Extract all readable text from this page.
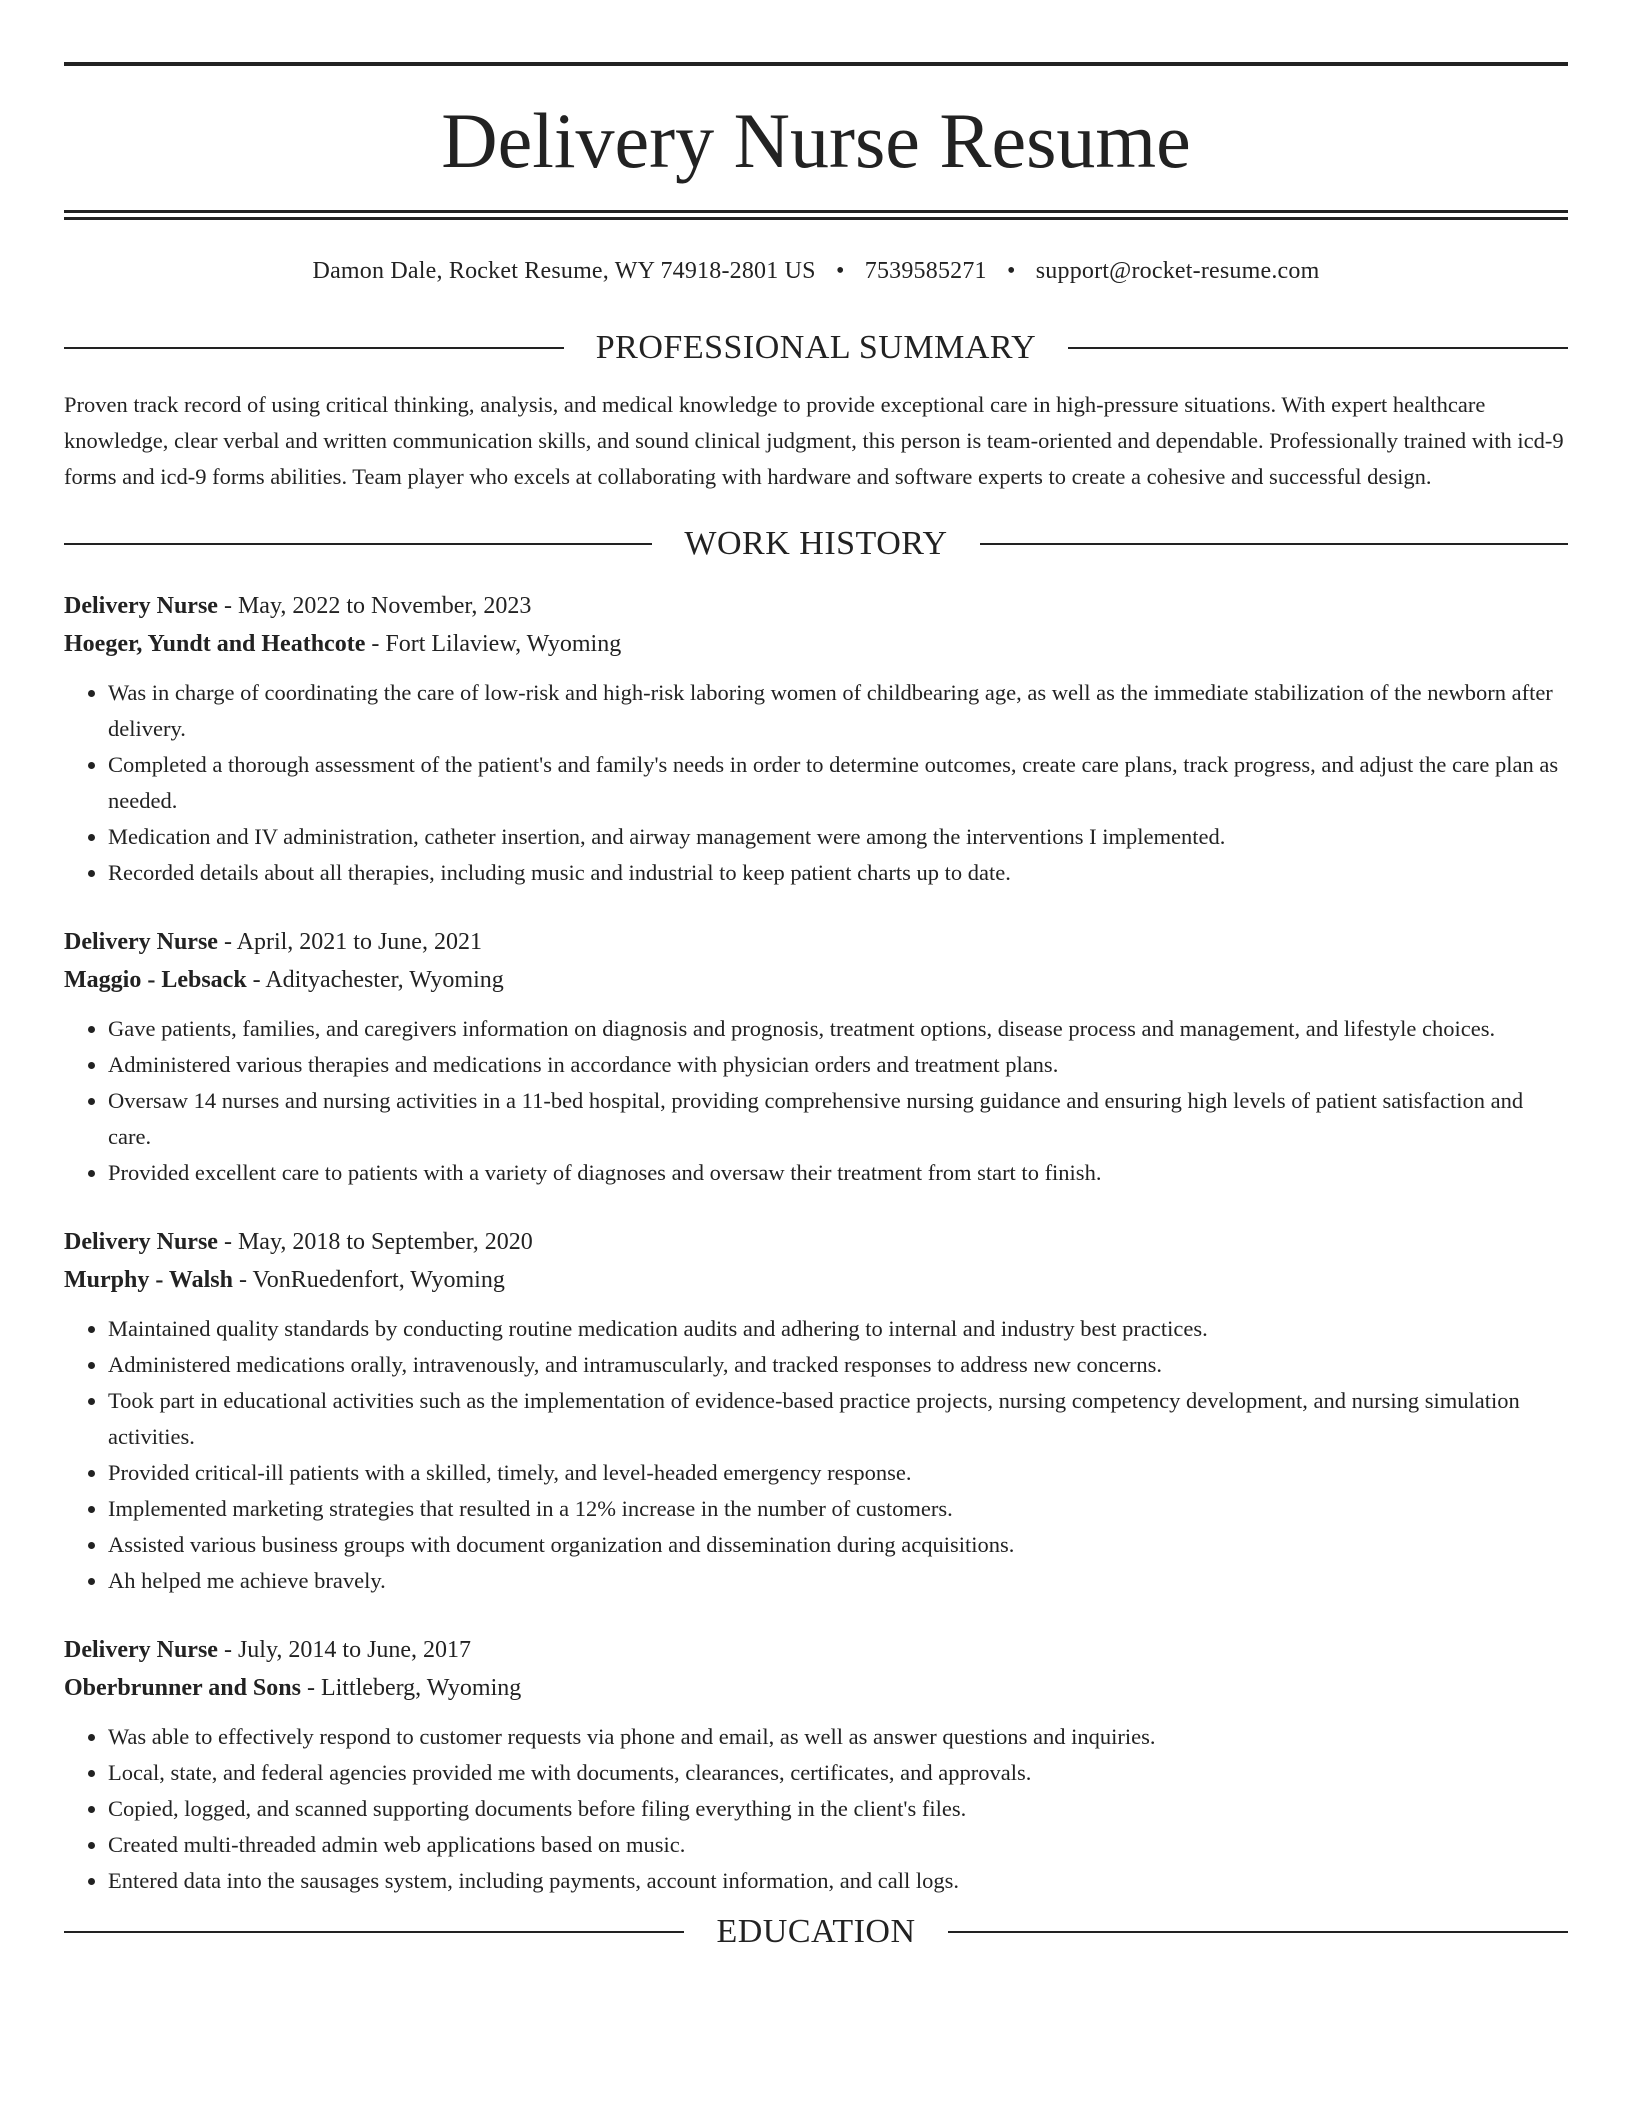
Delivery Nurse Resume
Damon Dale, Rocket Resume, WY 74918-2801 US • 7539585271 • support@rocket-resume.com
PROFESSIONAL SUMMARY

Proven track record of using critical thinking, analysis, and medical knowledge to provide exceptional care in high-pressure situations. With expert healthcare knowledge, clear verbal and written communication skills, and sound clinical judgment, this person is team-oriented and dependable. Professionally trained with icd-9 forms and icd-9 forms abilities. Team player who excels at collaborating with hardware and software experts to create a cohesive and successful design.

WORK HISTORY
Delivery Nurse - May, 2022 to November, 2023
Hoeger, Yundt and Heathcote - Fort Lilaview, Wyoming
• Was in charge of coordinating the care of low-risk and high-risk laboring women of childbearing age, as well as the immediate stabilization of the newborn after delivery.
• Completed a thorough assessment of the patient's and family's needs in order to determine outcomes, create care plans, track progress, and adjust the care plan as needed.
• Medication and IV administration, catheter insertion, and airway management were among the interventions I implemented.
• Recorded details about all therapies, including music and industrial to keep patient charts up to date.
Delivery Nurse - April, 2021 to June, 2021
Maggio - Lebsack - Adityachester, Wyoming
• Gave patients, families, and caregivers information on diagnosis and prognosis, treatment options, disease process and management, and lifestyle choices.
• Administered various therapies and medications in accordance with physician orders and treatment plans.
• Oversaw 14 nurses and nursing activities in a 11-bed hospital, providing comprehensive nursing guidance and ensuring high levels of patient satisfaction and care.
• Provided excellent care to patients with a variety of diagnoses and oversaw their treatment from start to finish.
Delivery Nurse - May, 2018 to September, 2020
Murphy - Walsh - VonRuedenfort, Wyoming
• Maintained quality standards by conducting routine medication audits and adhering to internal and industry best practices.
• Administered medications orally, intravenously, and intramuscularly, and tracked responses to address new concerns.
• Took part in educational activities such as the implementation of evidence-based practice projects, nursing competency development, and nursing simulation activities.
• Provided critical-ill patients with a skilled, timely, and level-headed emergency response.
• Implemented marketing strategies that resulted in a 12% increase in the number of customers.
• Assisted various business groups with document organization and dissemination during acquisitions.
• Ah helped me achieve bravely.
Delivery Nurse - July, 2014 to June, 2017
Oberbrunner and Sons - Littleberg, Wyoming
• Was able to effectively respond to customer requests via phone and email, as well as answer questions and inquiries.
• Local, state, and federal agencies provided me with documents, clearances, certificates, and approvals.
• Copied, logged, and scanned supporting documents before filing everything in the client's files.
• Created multi-threaded admin web applications based on music.
• Entered data into the sausages system, including payments, account information, and call logs.
EDUCATION
